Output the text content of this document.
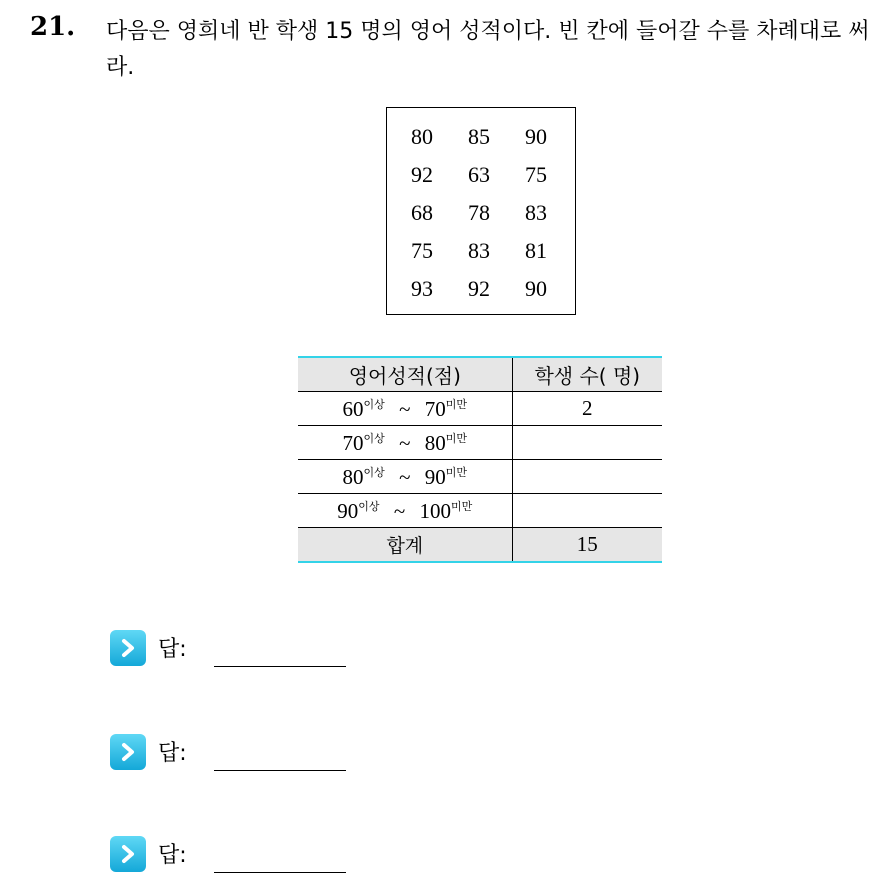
21. 다음은 영희네 반 학생 15 명의 영어 성적이다. 빈 칸에 들어갈 수를 차례대로 써라.
80	85	90
92	63	75
68	78	83
75	83	81
93	92	90
영어성적(점)	학생 수( 명)
$60^{이상}$ ~ $70^{미만}$	2
$70^{이상}$ ~ $80^{미만}$	
$80^{이상}$ ~ $90^{미만}$	
$90^{이상}$ ~ $100^{미만}$	
합계	15
답:
답:
답:
